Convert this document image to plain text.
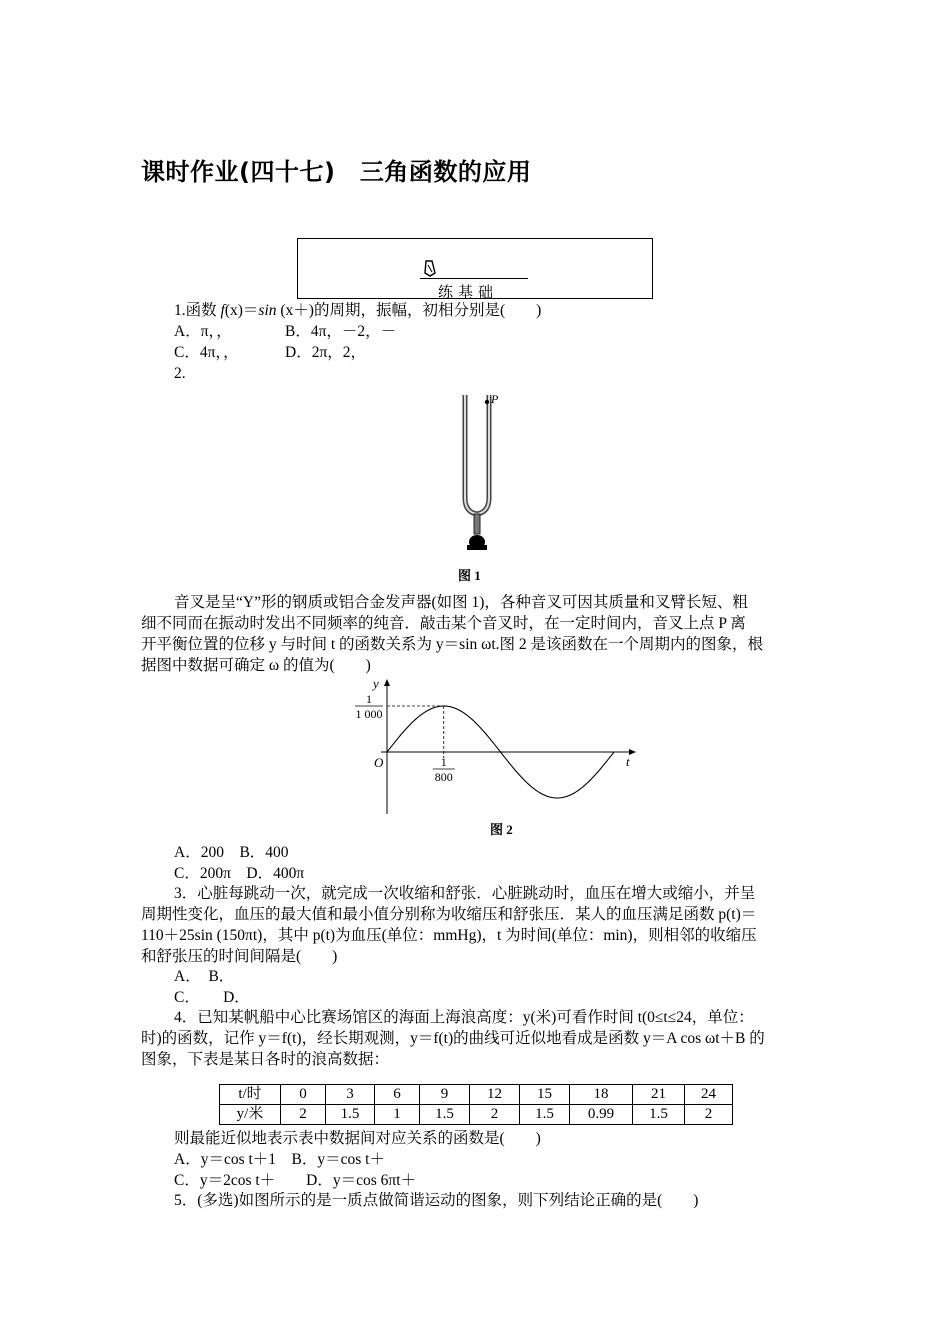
课时作业(四十七)　三角函数的应用
练基础
1.函数 f(x)＝sin (x＋)的周期，振幅，初相分别是(　　)
A．π，，	B．4π，－2，－
C．4π，，	D．2π，2，
2.
P
图 1
音叉是呈“Y”形的钢质或铝合金发声器(如图 1)，各种音叉可因其质量和叉臂长短、粗
细不同而在振动时发出不同频率的纯音．敲击某个音叉时，在一定时间内，音叉上点 P 离
开平衡位置的位移 y 与时间 t 的函数关系为 y＝sin ωt.图 2 是该函数在一个周期内的图象，根
据图中数据可确定 ω 的值为(　　)
y
t
O
1
1 000
1
800
图 2
A．200　B．400
C．200π　D．400π
3．心脏每跳动一次，就完成一次收缩和舒张．心脏跳动时，血压在增大或缩小，并呈
周期性变化，血压的最大值和最小值分别称为收缩压和舒张压．某人的血压满足函数 p(t)＝
110＋25sin (150πt)，其中 p(t)为血压(单位：mmHg)，t 为时间(单位：min)，则相邻的收缩压
和舒张压的时间间隔是(　　)
A．　B．
C．　　D．
4．已知某帆船中心比赛场馆区的海面上海浪高度：y(米)可看作时间 t(0≤t≤24，单位：
时)的函数，记作 y＝f(t)，经长期观测，y＝f(t)的曲线可近似地看成是函数 y＝A cos ωt＋B 的
图象，下表是某日各时的浪高数据：
t/时	0	3	6	9	12	15	18	21	24
y/米	2	1.5	1	1.5	2	1.5	0.99	1.5	2
则最能近似地表示表中数据间对应关系的函数是(　　)
A．y＝cos t＋1　B．y＝cos t＋
C．y＝2cos t＋　　D．y＝cos 6πt＋
5．(多选)如图所示的是一质点做简谐运动的图象，则下列结论正确的是(　　)
